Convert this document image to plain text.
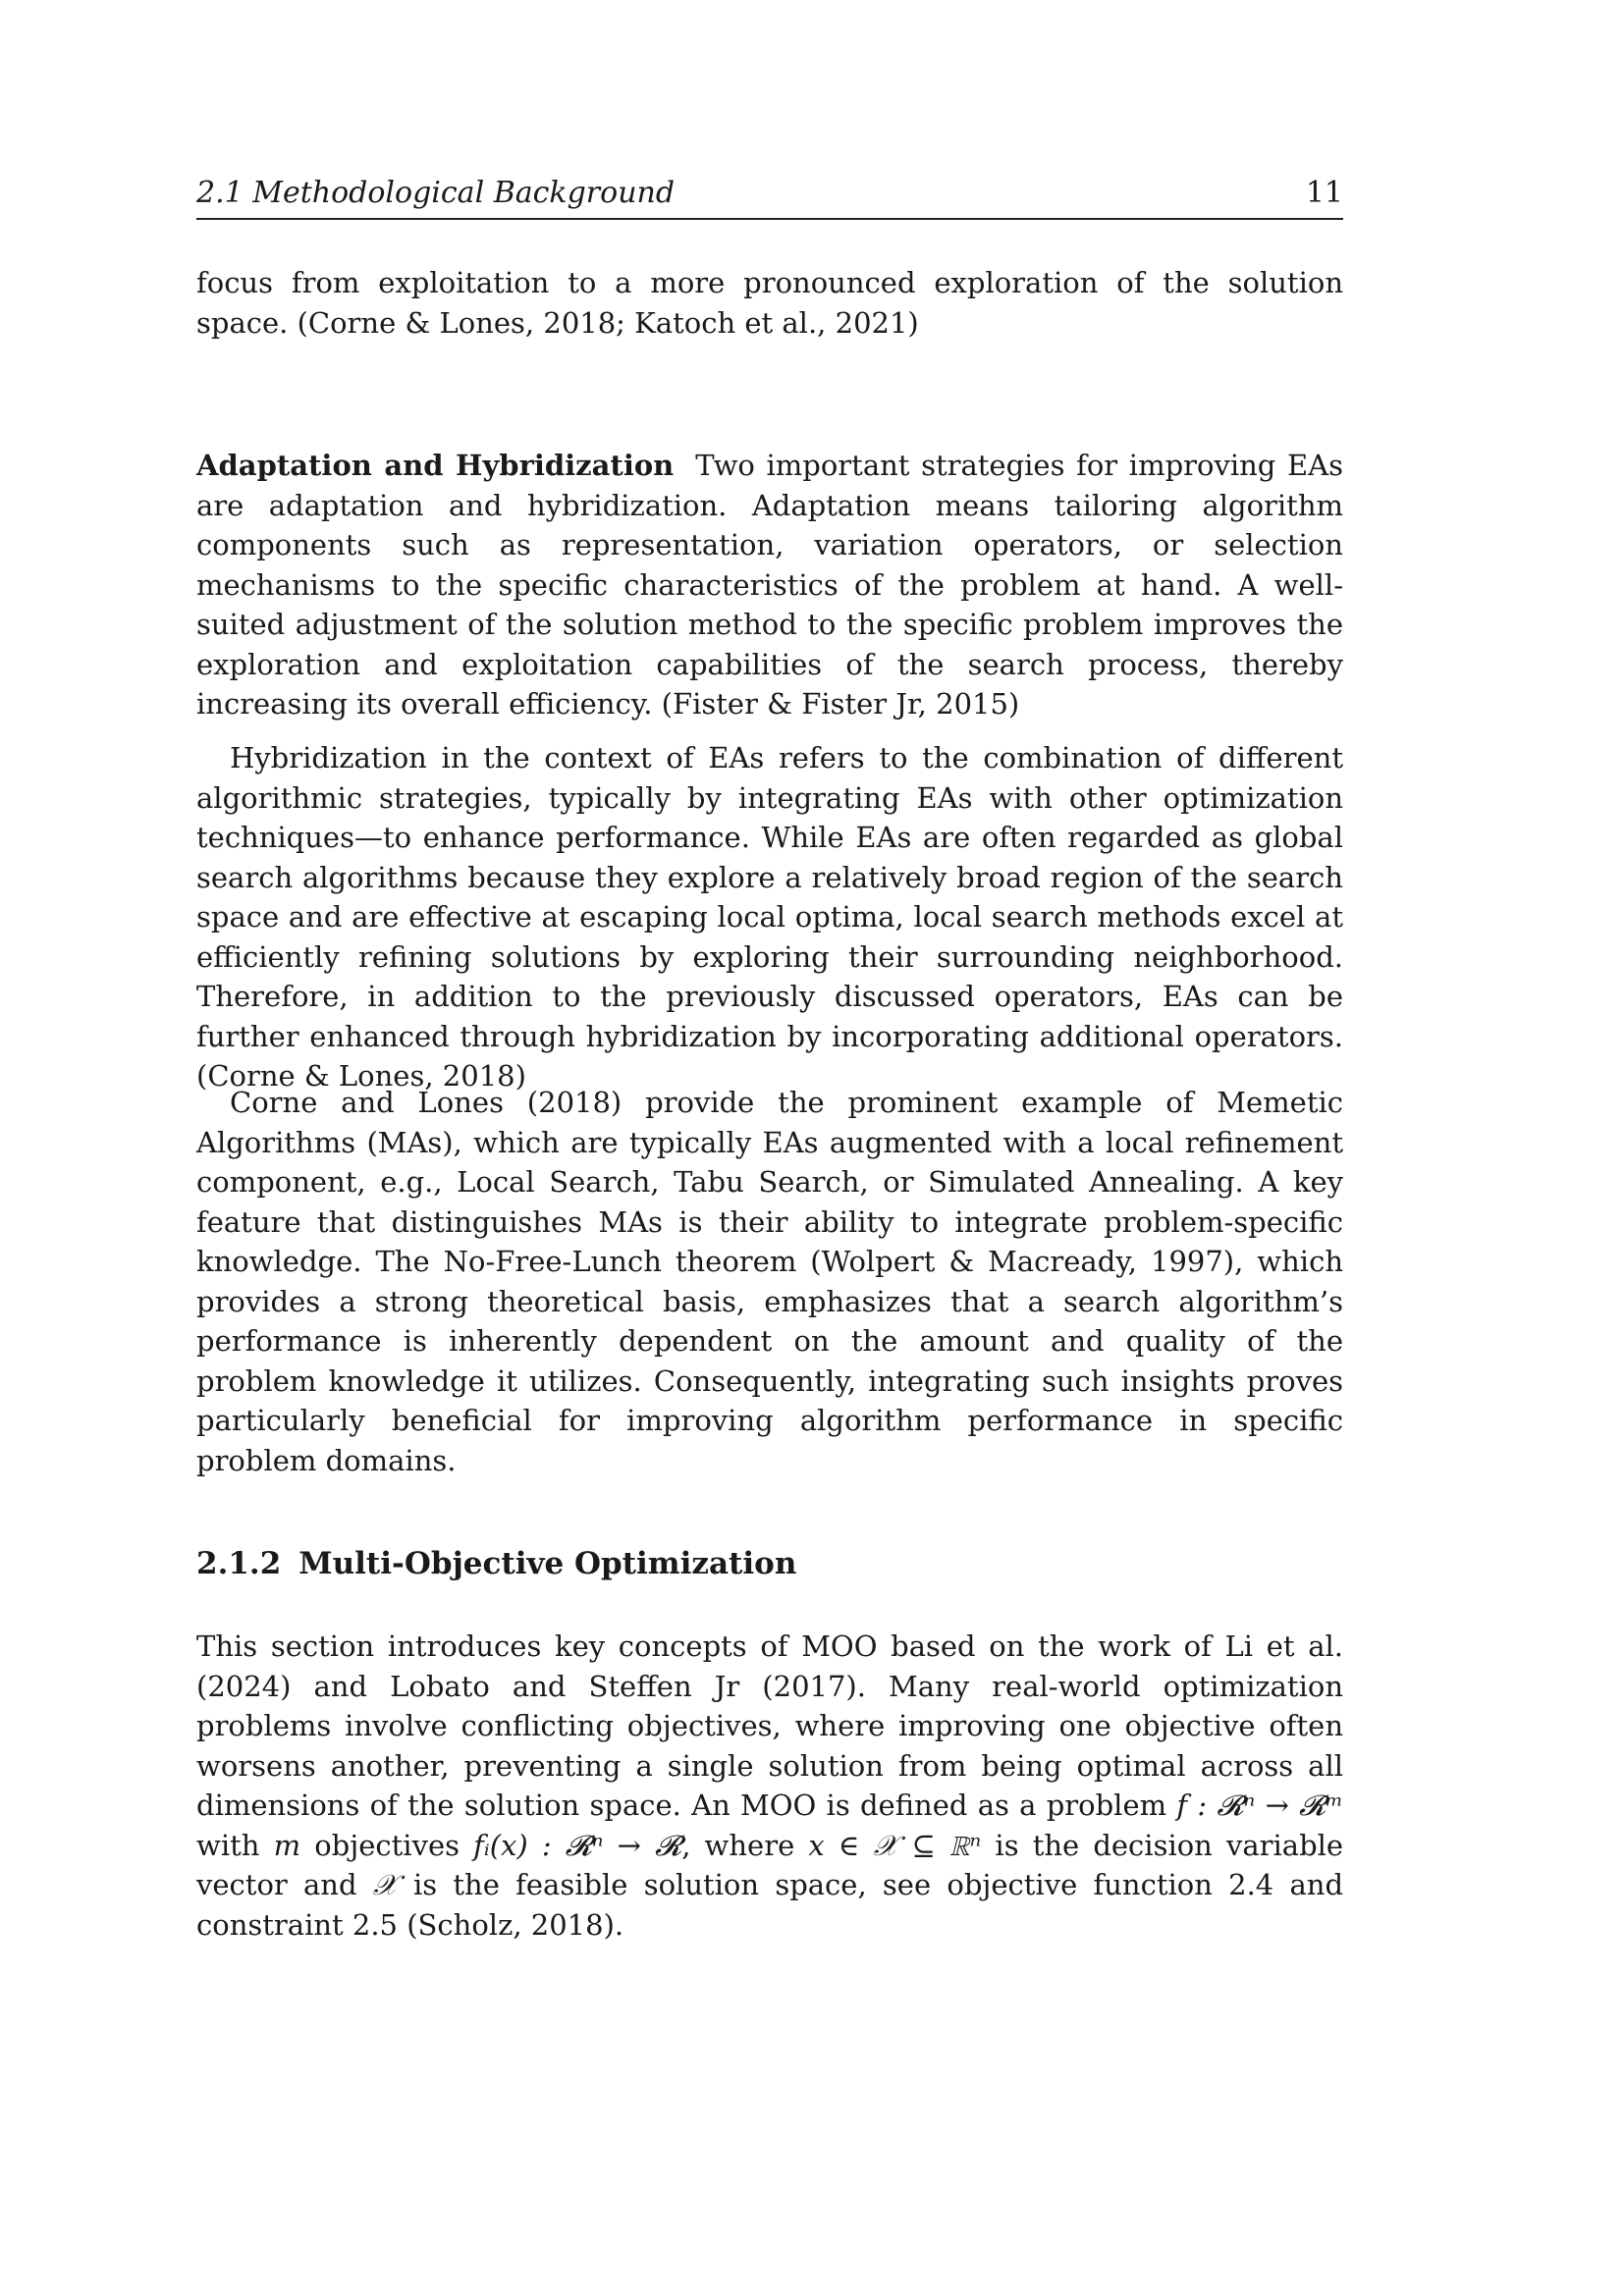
2.1 Methodological Background	11

focus from exploitation to a more pronounced exploration of the solution space. (Corne & Lones, 2018; Katoch et al., 2021)

Adaptation and Hybridization Two important strategies for improving EAs are adaptation and hybridization. Adaptation means tailoring algorithm components such as representation, variation operators, or selection mechanisms to the specific characteristics of the problem at hand. A well-suited adjustment of the solution method to the specific problem improves the exploration and exploitation capabilities of the search process, thereby increasing its overall efficiency. (Fister & Fister Jr, 2015)

Hybridization in the context of EAs refers to the combination of different algorithmic strategies, typically by integrating EAs with other optimization techniques—to enhance performance. While EAs are often regarded as global search algorithms because they explore a relatively broad region of the search space and are effective at escaping local optima, local search methods excel at efficiently refining solutions by exploring their surrounding neighborhood. Therefore, in addition to the previously discussed operators, EAs can be further enhanced through hybridization by incorporating additional operators. (Corne & Lones, 2018)

Corne and Lones (2018) provide the prominent example of Memetic Algorithms (MAs), which are typically EAs augmented with a local refinement component, e.g., Local Search, Tabu Search, or Simulated Annealing. A key feature that distinguishes MAs is their ability to integrate problem-specific knowledge. The No-Free-Lunch theorem (Wolpert & Macready, 1997), which provides a strong theoretical basis, emphasizes that a search algorithm’s performance is inherently dependent on the amount and quality of the problem knowledge it utilizes. Consequently, integrating such insights proves particularly beneficial for improving algorithm performance in specific problem domains.

2.1.2 Multi-Objective Optimization

This section introduces key concepts of MOO based on the work of Li et al. (2024) and Lobato and Steffen Jr (2017). Many real-world optimization problems involve conflicting objectives, where improving one objective often worsens another, preventing a single solution from being optimal across all dimensions of the solution space. An MOO is defined as a problem f : 𝓡ⁿ → 𝓡ᵐ with m objectives fᵢ(x) : 𝓡ⁿ → 𝓡, where x ∈ 𝒳 ⊆ ℝⁿ is the decision variable vector and 𝒳 is the feasible solution space, see objective function 2.4 and constraint 2.5 (Scholz, 2018).
